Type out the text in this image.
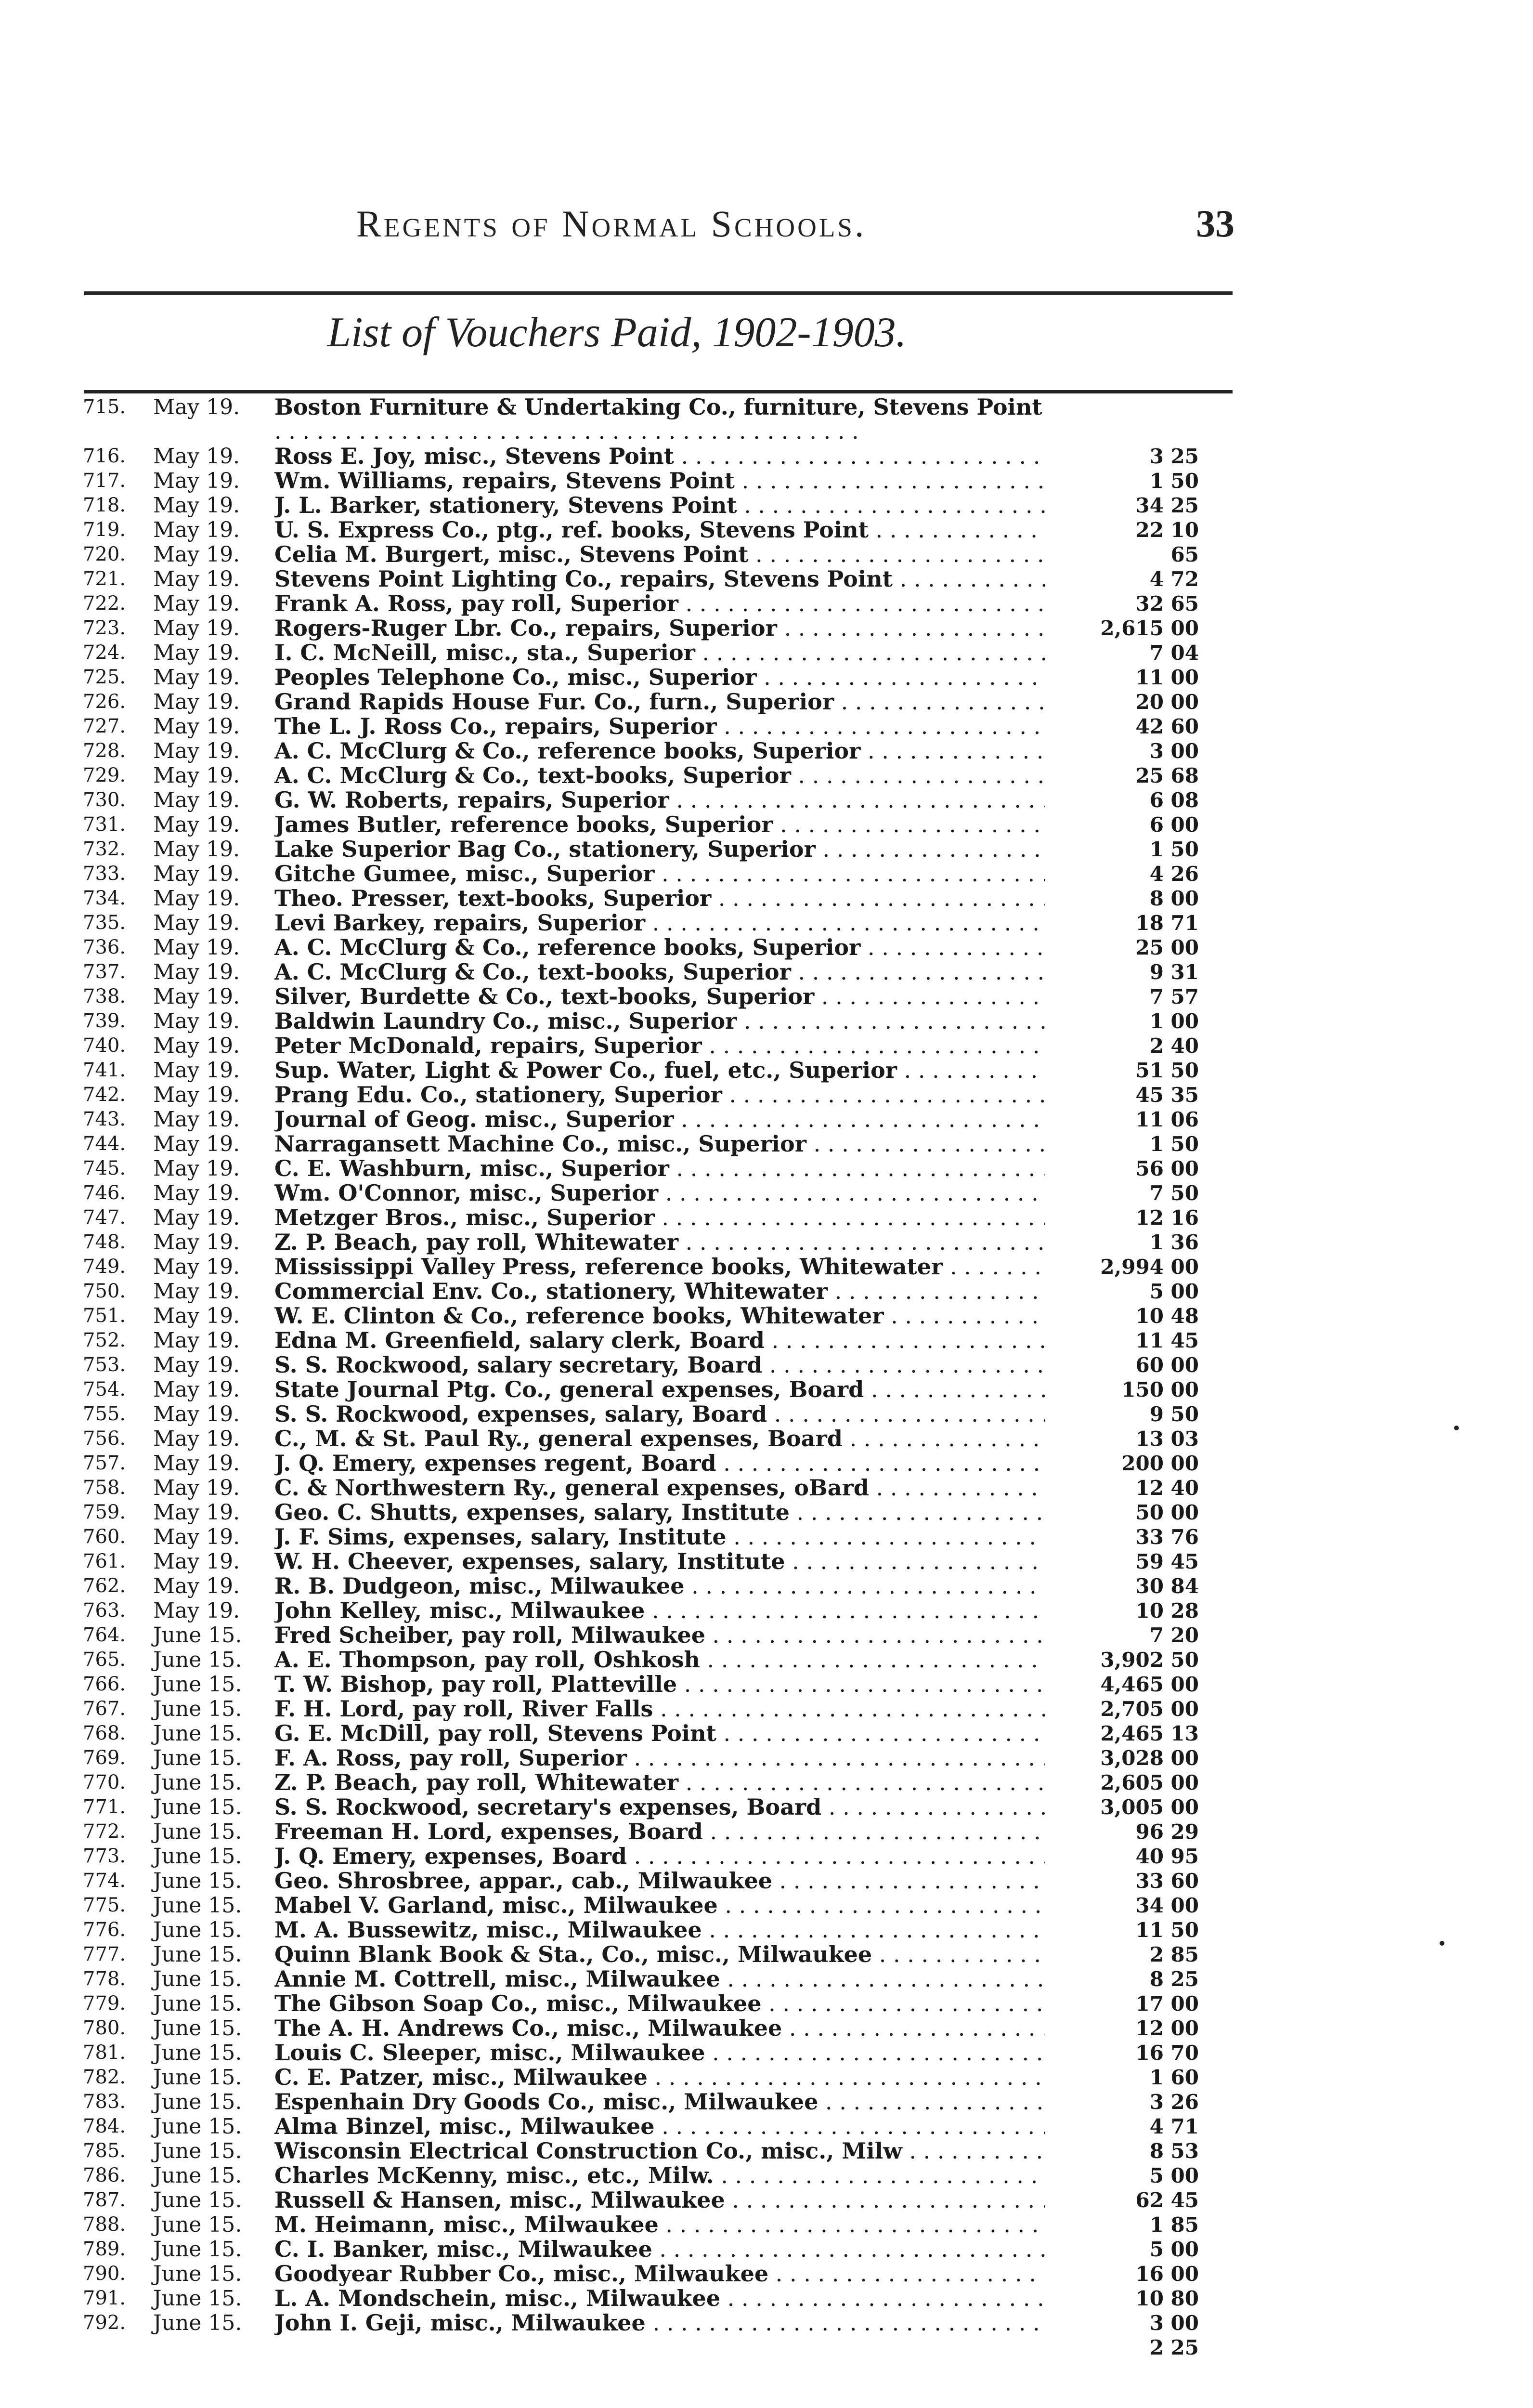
Regents of Normal Schools.	33
List of Vouchers Paid, 1902-1903.
715.	May 19.	Boston Furniture & Undertaking Co., furniture, Stevens Point . . .
716.	May 19.	Ross E. Joy, misc., Stevens Point . . .	3 25
717.	May 19.	Wm. Williams, repairs, Stevens Point . . .	1 50
718.	May 19.	J. L. Barker, stationery, Stevens Point . . .	34 25
719.	May 19.	U. S. Express Co., ptg., ref. books, Stevens Point . . .	22 10
720.	May 19.	Celia M. Burgert, misc., Stevens Point . . .	65
721.	May 19.	Stevens Point Lighting Co., repairs, Stevens Point . . .	4 72
722.	May 19.	Frank A. Ross, pay roll, Superior . . .	32 65
723.	May 19.	Rogers-Ruger Lbr. Co., repairs, Superior . . .	2,615 00
724.	May 19.	I. C. McNeill, misc., sta., Superior . . .	7 04
725.	May 19.	Peoples Telephone Co., misc., Superior . . .	11 00
726.	May 19.	Grand Rapids House Fur. Co., furn., Superior . . .	20 00
727.	May 19.	The L. J. Ross Co., repairs, Superior . . .	42 60
728.	May 19.	A. C. McClurg & Co., reference books, Superior . . .	3 00
729.	May 19.	A. C. McClurg & Co., text-books, Superior . . .	25 68
730.	May 19.	G. W. Roberts, repairs, Superior . . .	6 08
731.	May 19.	James Butler, reference books, Superior . . .	6 00
732.	May 19.	Lake Superior Bag Co., stationery, Superior . . .	1 50
733.	May 19.	Gitche Gumee, misc., Superior . . .	4 26
734.	May 19.	Theo. Presser, text-books, Superior . . .	8 00
735.	May 19.	Levi Barkey, repairs, Superior . . .	18 71
736.	May 19.	A. C. McClurg & Co., reference books, Superior . . .	25 00
737.	May 19.	A. C. McClurg & Co., text-books, Superior . . .	9 31
738.	May 19.	Silver, Burdette & Co., text-books, Superior . . .	7 57
739.	May 19.	Baldwin Laundry Co., misc., Superior . . .	1 00
740.	May 19.	Peter McDonald, repairs, Superior . . .	2 40
741.	May 19.	Sup. Water, Light & Power Co., fuel, etc., Superior . . .	51 50
742.	May 19.	Prang Edu. Co., stationery, Superior . . .	45 35
743.	May 19.	Journal of Geog. misc., Superior . . .	11 06
744.	May 19.	Narragansett Machine Co., misc., Superior . . .	1 50
745.	May 19.	C. E. Washburn, misc., Superior . . .	56 00
746.	May 19.	Wm. O'Connor, misc., Superior . . .	7 50
747.	May 19.	Metzger Bros., misc., Superior . . .	12 16
748.	May 19.	Z. P. Beach, pay roll, Whitewater . . .	1 36
749.	May 19.	Mississippi Valley Press, reference books, Whitewater . . .	2,994 00
750.	May 19.	Commercial Env. Co., stationery, Whitewater . . .	5 00
751.	May 19.	W. E. Clinton & Co., reference books, Whitewater . . .	10 48
752.	May 19.	Edna M. Greenfield, salary clerk, Board . . .	11 45
753.	May 19.	S. S. Rockwood, salary secretary, Board . . .	60 00
754.	May 19.	State Journal Ptg. Co., general expenses, Board . . .	150 00
755.	May 19.	S. S. Rockwood, expenses, salary, Board . . .	9 50
756.	May 19.	C., M. & St. Paul Ry., general expenses, Board . . .	13 03
757.	May 19.	J. Q. Emery, expenses regent, Board . . .	200 00
758.	May 19.	C. & Northwestern Ry., general expenses, oBard . . .	12 40
759.	May 19.	Geo. C. Shutts, expenses, salary, Institute . . .	50 00
760.	May 19.	J. F. Sims, expenses, salary, Institute . . .	33 76
761.	May 19.	W. H. Cheever, expenses, salary, Institute . . .	59 45
762.	May 19.	R. B. Dudgeon, misc., Milwaukee . . .	30 84
763.	May 19.	John Kelley, misc., Milwaukee . . .	10 28
764.	June 15.	Fred Scheiber, pay roll, Milwaukee . . .	7 20
765.	June 15.	A. E. Thompson, pay roll, Oshkosh . . .	3,902 50
766.	June 15.	T. W. Bishop, pay roll, Platteville . . .	4,465 00
767.	June 15.	F. H. Lord, pay roll, River Falls . . .	2,705 00
768.	June 15.	G. E. McDill, pay roll, Stevens Point . . .	2,465 13
769.	June 15.	F. A. Ross, pay roll, Superior . . .	3,028 00
770.	June 15.	Z. P. Beach, pay roll, Whitewater . . .	2,605 00
771.	June 15.	S. S. Rockwood, secretary's expenses, Board . . .	3,005 00
772.	June 15.	Freeman H. Lord, expenses, Board . . .	96 29
773.	June 15.	J. Q. Emery, expenses, Board . . .	40 95
774.	June 15.	Geo. Shrosbree, appar., cab., Milwaukee . . .	33 60
775.	June 15.	Mabel V. Garland, misc., Milwaukee . . .	34 00
776.	June 15.	M. A. Bussewitz, misc., Milwaukee . . .	11 50
777.	June 15.	Quinn Blank Book & Sta., Co., misc., Milwaukee . . .	2 85
778.	June 15.	Annie M. Cottrell, misc., Milwaukee . . .	8 25
779.	June 15.	The Gibson Soap Co., misc., Milwaukee . . .	17 00
780.	June 15.	The A. H. Andrews Co., misc., Milwaukee . . .	12 00
781.	June 15.	Louis C. Sleeper, misc., Milwaukee . . .	16 70
782.	June 15.	C. E. Patzer, misc., Milwaukee . . .	1 60
783.	June 15.	Espenhain Dry Goods Co., misc., Milwaukee . . .	3 26
784.	June 15.	Alma Binzel, misc., Milwaukee . . .	4 71
785.	June 15.	Wisconsin Electrical Construction Co., misc., Milw . . .	8 53
786.	June 15.	Charles McKenny, misc., etc., Milw. . . .	5 00
787.	June 15.	Russell & Hansen, misc., Milwaukee . . .	62 45
788.	June 15.	M. Heimann, misc., Milwaukee . . .	1 85
789.	June 15.	C. I. Banker, misc., Milwaukee . . .	5 00
790.	June 15.	Goodyear Rubber Co., misc., Milwaukee . . .	16 00
791.	June 15.	L. A. Mondschein, misc., Milwaukee . . .	10 80
792.	June 15.	John I. Geji, misc., Milwaukee . . .	3 00
2 25
